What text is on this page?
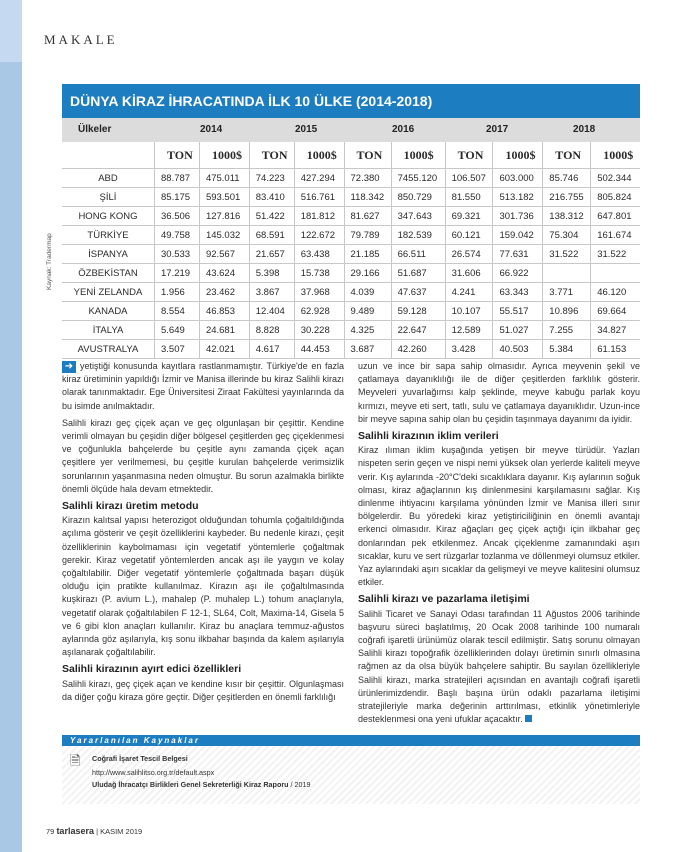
MAKALE
DÜNYA KİRAZ İHRACATINDA İLK 10 ÜLKE (2014-2018)
Ülkeler	2014	2015	2016	2017	2018
	TON	1000$	TON	1000$	TON	1000$	TON	1000$	TON	1000$
ABD	88.787	475.011	74.223	427.294	72.380	7455.120	106.507	603.000	85.746	502.344
ŞİLİ	85.175	593.501	83.410	516.761	118.342	850.729	81.550	513.182	216.755	805.824
HONG KONG	36.506	127.816	51.422	181.812	81.627	347.643	69.321	301.736	138.312	647.801
TÜRKİYE	49.758	145.032	68.591	122.672	79.789	182.539	60.121	159.042	75.304	161.674
İSPANYA	30.533	92.567	21.657	63.438	21.185	66.511	26.574	77.631	31.522	31.522
ÖZBEKİSTAN	17.219	43.624	5.398	15.738	29.166	51.687	31.606	66.922		
YENİ ZELANDA	1.956	23.462	3.867	37.968	4.039	47.637	4.241	63.343	3.771	46.120
KANADA	8.554	46.853	12.404	62.928	9.489	59.128	10.107	55.517	10.896	69.664
İTALYA	5.649	24.681	8.828	30.228	4.325	22.647	12.589	51.027	7.255	34.827
AVUSTRALYA	3.507	42.021	4.617	44.453	3.687	42.260	3.428	40.503	5.384	61.153
Kaynak: Tradermap

➜ yetiştiği konusunda kayıtlara rastlanmamıştır. Türkiye'de en fazla kiraz üretiminin yapıldığı İzmir ve Manisa illerinde bu kiraz Salihli kirazı olarak tanınmaktadır. Ege Üniversitesi Ziraat Fakültesi yayınlarında da bu isimde anılmaktadır.

Salihli kirazı geç çiçek açan ve geç olgunlaşan bir çeşittir. Kendine verimli olmayan bu çeşidin diğer bölgesel çeşitlerden geç çiçeklenmesi ve çoğunlukla bahçelerde bu çeşitle aynı zamanda çiçek açan çeşitlere yer verilmemesi, bu çeşitle kurulan bahçelerde verimsizlik sorunlarının yaşanmasına neden olmuştur. Bu sorun azalmakla birlikte önemli ölçüde hala devam etmektedir.

Salihli kirazı üretim metodu

Kirazın kalıtsal yapısı heterozigot olduğundan tohumla çoğaltıldığında açılıma gösterir ve çeşit özelliklerini kaybeder. Bu nedenle kirazı, çeşit özelliklerinin kaybolmaması için vegetatif yöntemlerle çoğaltmak gerekir. Kiraz vegetatif yöntemlerden ancak aşı ile yaygın ve kolay çoğaltılabilir. Diğer vegetatif yöntemlerle çoğaltmada başarı düşük olduğu için pratikte kullanılmaz. Kirazın aşı ile çoğaltılmasında kuşkirazı (P. avium L.), mahalep (P. muhalep L.) tohum anaçlarıyla, vegetatif olarak çoğaltılabilen F 12-1, SL64, Colt, Maxima-14, Gisela 5 ve 6 gibi klon anaçları kullanılır. Kiraz bu anaçlara temmuz-ağustos aylarında göz aşılarıyla, kış sonu ilkbahar başında da kalem aşılarıyla aşılanarak çoğaltılabilir.

Salihli kirazının ayırt edici özellikleri

Salihli kirazı, geç çiçek açan ve kendine kısır bir çeşittir. Olgunlaşması da diğer çoğu kiraza göre geçtir. Diğer çeşitlerden en önemli farklılığı

uzun ve ince bir sapa sahip olmasıdır. Ayrıca meyvenin şekil ve çatlamaya dayanıklılığı ile de diğer çeşitlerden farklılık gösterir. Meyveleri yuvarlağımsı kalp şeklinde, meyve kabuğu parlak koyu kırmızı, meyve eti sert, tatlı, sulu ve çatlamaya dayanıklıdır. Uzun-ince bir meyve sapına sahip olan bu çeşidin taşınmaya dayanımı da iyidir.

Salihli kirazının iklim verileri

Kiraz ılıman iklim kuşağında yetişen bir meyve türüdür. Yazları nispeten serin geçen ve nispi nemi yüksek olan yerlerde kaliteli meyve verir. Kış aylarında -20°C'deki sıcaklıklara dayanır. Kış aylarının soğuk olması, kiraz ağaçlarının kış dinlenmesini karşılamasını sağlar. Kış dinlenme ihtiyacını karşılama yönünden İzmir ve Manisa illeri sınır bölgelerdir. Bu yöredeki kiraz yetiştiriciliğinin en önemli avantajı erkenci olmasıdır. Kiraz ağaçları geç çiçek açtığı için ilkbahar geç donlarından pek etkilenmez. Ancak çiçeklenme zamanındaki aşırı sıcaklar, kuru ve sert rüzgarlar tozlanma ve döllenmeyi olumsuz etkiler. Yaz aylarındaki aşırı sıcaklar da gelişmeyi ve meyve kalitesini olumsuz etkiler.

Salihli kirazı ve pazarlama iletişimi

Salihli Ticaret ve Sanayi Odası tarafından 11 Ağustos 2006 tarihinde başvuru süreci başlatılmış, 20 Ocak 2008 tarihinde 100 numaralı coğrafi işaretli ürünümüz olarak tescil edilmiştir. Satış sorunu olmayan Salihli kirazı topoğrafik özelliklerinden dolayı üretimin sınırlı olmasına rağmen az da olsa büyük bahçelere sahiptir. Bu sayılan özellikleriyle Salihli kirazı, marka stratejileri açısından en avantajlı coğrafi işaretli ürünlerimizdendir. Başlı başına ürün odaklı pazarlama iletişimi stratejileriyle marka değerinin arttırılması, etkinlik yönetimleriyle desteklenmesi ona yeni ufuklar açacaktır.

Yararlanılan Kaynaklar
🗎	Coğrafi İşaret Tescil Belgesi
http://www.salihlitso.org.tr/default.aspx
Uludağ İhracatçı Birlikleri Genel Sekreterliği Kiraz Raporu / 2019
79 tarlasera | KASIM 2019
